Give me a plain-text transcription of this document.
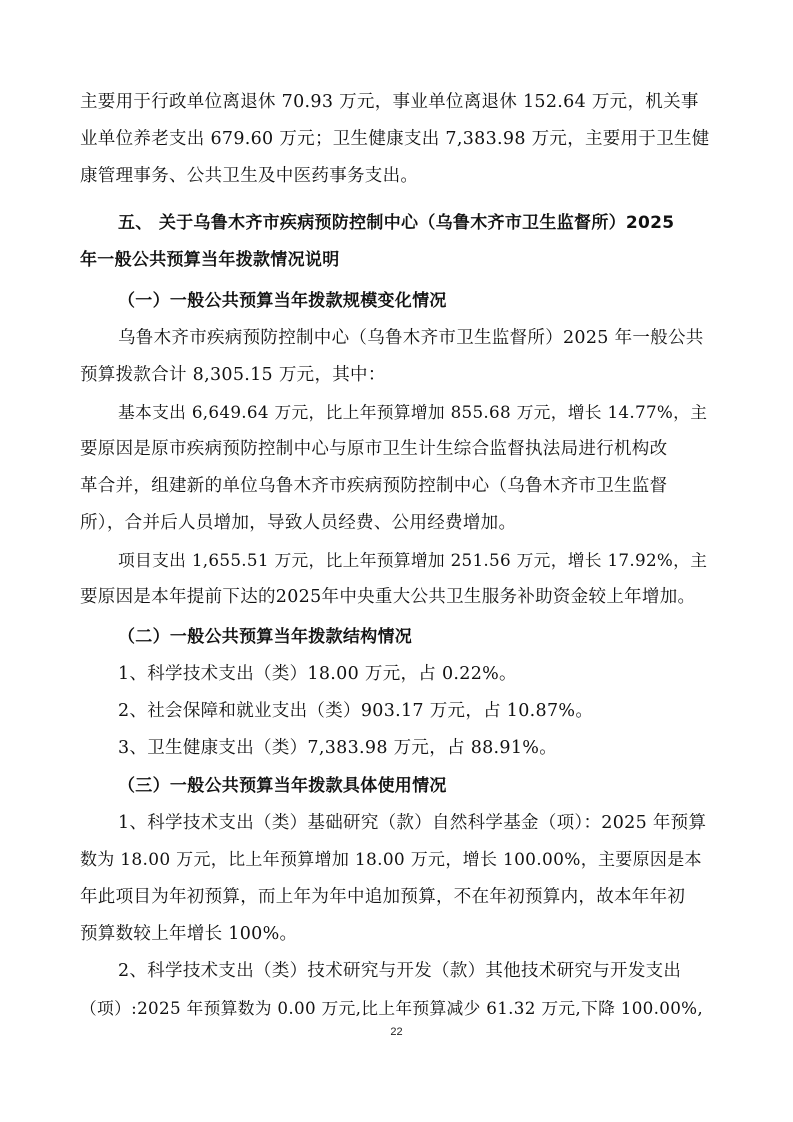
主要用于行政单位离退休 70.93 万元，事业单位离退休 152.64 万元，机关事
业单位养老支出 679.60 万元；卫生健康支出 7,383.98 万元，主要用于卫生健
康管理事务、公共卫生及中医药事务支出。
五、 关于乌鲁木齐市疾病预防控制中心（乌鲁木齐市卫生监督所）2025
年一般公共预算当年拨款情况说明
（一）一般公共预算当年拨款规模变化情况
乌鲁木齐市疾病预防控制中心（乌鲁木齐市卫生监督所）2025 年一般公共
预算拨款合计 8,305.15 万元，其中：
基本支出 6,649.64 万元，比上年预算增加 855.68 万元，增长 14.77%，主
要原因是原市疾病预防控制中心与原市卫生计生综合监督执法局进行机构改
革合并，组建新的单位乌鲁木齐市疾病预防控制中心（乌鲁木齐市卫生监督
所），合并后人员增加，导致人员经费、公用经费增加。
项目支出 1,655.51 万元，比上年预算增加 251.56 万元，增长 17.92%，主
要原因是本年提前下达的2025年中央重大公共卫生服务补助资金较上年增加。
（二）一般公共预算当年拨款结构情况
1、科学技术支出（类）18.00 万元，占 0.22%。
2、社会保障和就业支出（类）903.17 万元，占 10.87%。
3、卫生健康支出（类）7,383.98 万元，占 88.91%。
（三）一般公共预算当年拨款具体使用情况
1、科学技术支出（类）基础研究（款）自然科学基金（项）：2025 年预算
数为 18.00 万元，比上年预算增加 18.00 万元，增长 100.00%，主要原因是本
年此项目为年初预算，而上年为年中追加预算，不在年初预算内，故本年年初
预算数较上年增长 100%。
2、科学技术支出（类）技术研究与开发（款）其他技术研究与开发支出
（项）:2025 年预算数为 0.00 万元,比上年预算减少 61.32 万元,下降 100.00%,
22
